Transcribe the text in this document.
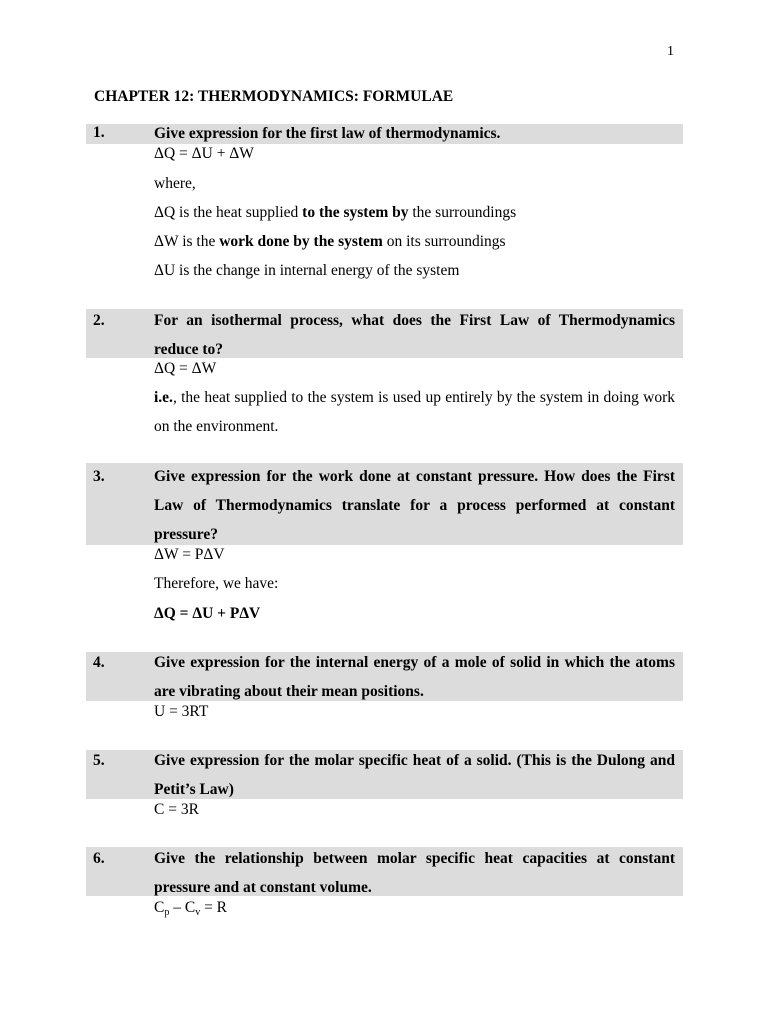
1
CHAPTER 12: THERMODYNAMICS: FORMULAE
1.	Give expression for the first law of thermodynamics.
ΔQ = ΔU + ΔW
where,
ΔQ is the heat supplied to the system by the surroundings
ΔW is the work done by the system on its surroundings
ΔU is the change in internal energy of the system
2.	For an isothermal process, what does the First Law of Thermodynamics reduce to?
ΔQ = ΔW
i.e., the heat supplied to the system is used up entirely by the system in doing work on the environment.
3.	Give expression for the work done at constant pressure. How does the First Law of Thermodynamics translate for a process performed at constant pressure?
ΔW = PΔV
Therefore, we have:
ΔQ = ΔU + PΔV
4.	Give expression for the internal energy of a mole of solid in which the atoms are vibrating about their mean positions.
U = 3RT
5.	Give expression for the molar specific heat of a solid. (This is the Dulong and Petit’s Law)
C = 3R
6.	Give the relationship between molar specific heat capacities at constant pressure and at constant volume.
$C_p - C_v = R$
